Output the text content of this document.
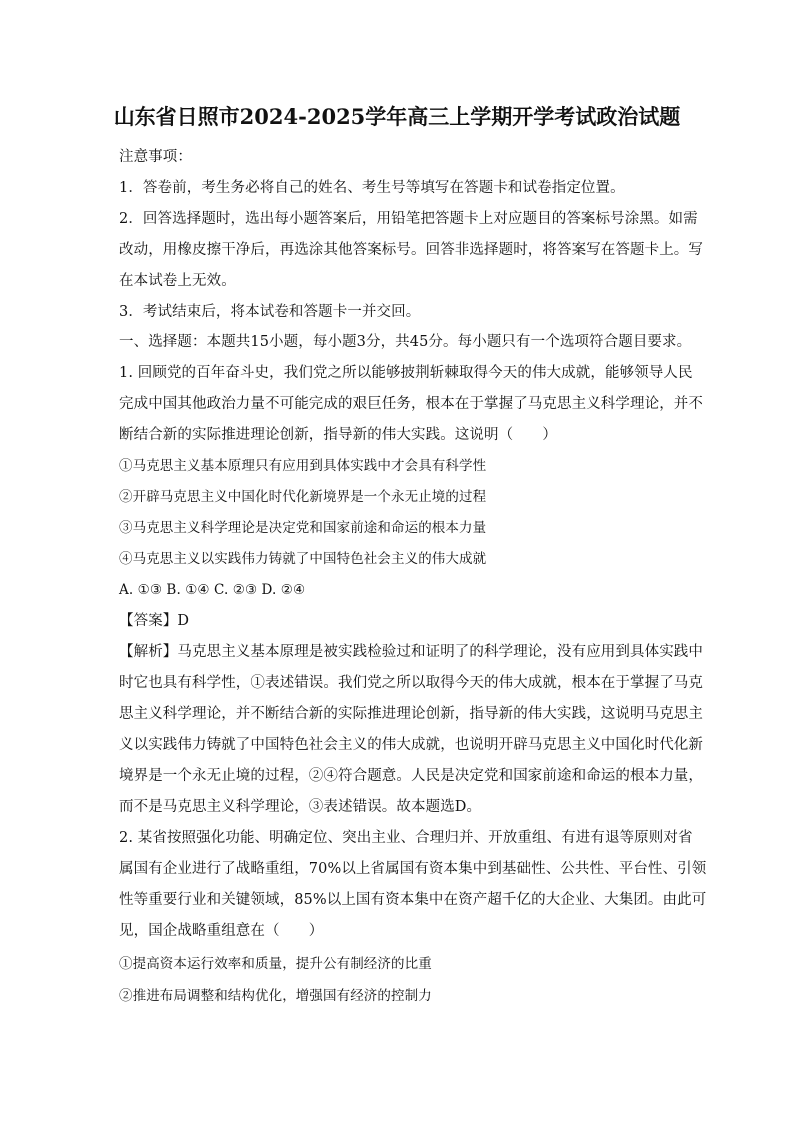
山东省日照市2024-2025学年高三上学期开学考试政治试题
注意事项：
1．答卷前，考生务必将自己的姓名、考生号等填写在答题卡和试卷指定位置。
2．回答选择题时，选出每小题答案后，用铅笔把答题卡上对应题目的答案标号涂黑。如需
改动，用橡皮擦干净后，再选涂其他答案标号。回答非选择题时，将答案写在答题卡上。写
在本试卷上无效。
3．考试结束后，将本试卷和答题卡一并交回。
一、选择题：本题共15小题，每小题3分，共45分。每小题只有一个选项符合题目要求。
1. 回顾党的百年奋斗史，我们党之所以能够披荆斩棘取得今天的伟大成就，能够领导人民
完成中国其他政治力量不可能完成的艰巨任务，根本在于掌握了马克思主义科学理论，并不
断结合新的实际推进理论创新，指导新的伟大实践。这说明（　　）
①马克思主义基本原理只有应用到具体实践中才会具有科学性
②开辟马克思主义中国化时代化新境界是一个永无止境的过程
③马克思主义科学理论是决定党和国家前途和命运的根本力量
④马克思主义以实践伟力铸就了中国特色社会主义的伟大成就
A. ①③ B. ①④ C. ②③ D. ②④
【答案】D
【解析】马克思主义基本原理是被实践检验过和证明了的科学理论，没有应用到具体实践中
时它也具有科学性，①表述错误。我们党之所以取得今天的伟大成就，根本在于掌握了马克
思主义科学理论，并不断结合新的实际推进理论创新，指导新的伟大实践，这说明马克思主
义以实践伟力铸就了中国特色社会主义的伟大成就，也说明开辟马克思主义中国化时代化新
境界是一个永无止境的过程，②④符合题意。人民是决定党和国家前途和命运的根本力量，
而不是马克思主义科学理论，③表述错误。故本题选D。
2. 某省按照强化功能、明确定位、突出主业、合理归并、开放重组、有进有退等原则对省
属国有企业进行了战略重组，70%以上省属国有资本集中到基础性、公共性、平台性、引领
性等重要行业和关键领域，85%以上国有资本集中在资产超千亿的大企业、大集团。由此可
见，国企战略重组意在（　　）
①提高资本运行效率和质量，提升公有制经济的比重
②推进布局调整和结构优化，增强国有经济的控制力
